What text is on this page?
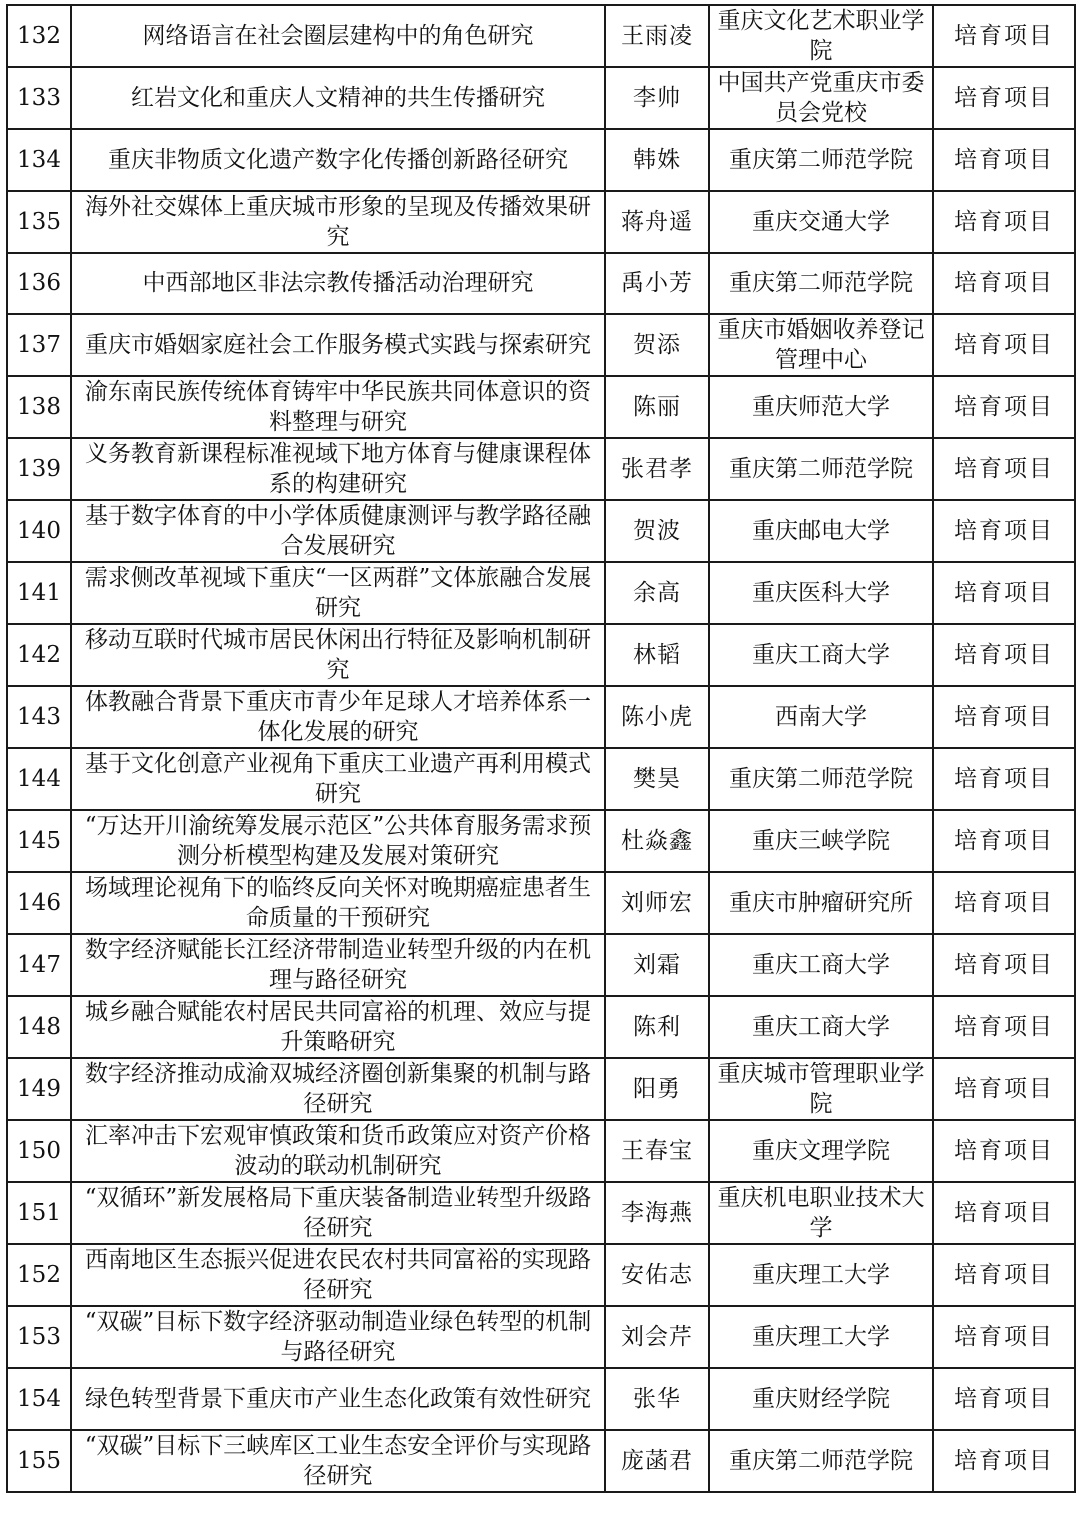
132	网络语言在社会圈层建构中的角色研究	王雨凌	重庆文化艺术职业学院	培育项目
133	红岩文化和重庆人文精神的共生传播研究	李帅	中国共产党重庆市委员会党校	培育项目
134	重庆非物质文化遗产数字化传播创新路径研究	韩姝	重庆第二师范学院	培育项目
135	海外社交媒体上重庆城市形象的呈现及传播效果研究	蒋舟遥	重庆交通大学	培育项目
136	中西部地区非法宗教传播活动治理研究	禹小芳	重庆第二师范学院	培育项目
137	重庆市婚姻家庭社会工作服务模式实践与探索研究	贺添	重庆市婚姻收养登记管理中心	培育项目
138	渝东南民族传统体育铸牢中华民族共同体意识的资料整理与研究	陈丽	重庆师范大学	培育项目
139	义务教育新课程标准视域下地方体育与健康课程体系的构建研究	张君孝	重庆第二师范学院	培育项目
140	基于数字体育的中小学体质健康测评与教学路径融合发展研究	贺波	重庆邮电大学	培育项目
141	需求侧改革视域下重庆“一区两群”文体旅融合发展研究	余高	重庆医科大学	培育项目
142	移动互联时代城市居民休闲出行特征及影响机制研究	林韬	重庆工商大学	培育项目
143	体教融合背景下重庆市青少年足球人才培养体系一体化发展的研究	陈小虎	西南大学	培育项目
144	基于文化创意产业视角下重庆工业遗产再利用模式研究	樊昊	重庆第二师范学院	培育项目
145	“万达开川渝统筹发展示范区”公共体育服务需求预测分析模型构建及发展对策研究	杜焱鑫	重庆三峡学院	培育项目
146	场域理论视角下的临终反向关怀对晚期癌症患者生命质量的干预研究	刘师宏	重庆市肿瘤研究所	培育项目
147	数字经济赋能长江经济带制造业转型升级的内在机理与路径研究	刘霜	重庆工商大学	培育项目
148	城乡融合赋能农村居民共同富裕的机理、效应与提升策略研究	陈利	重庆工商大学	培育项目
149	数字经济推动成渝双城经济圈创新集聚的机制与路径研究	阳勇	重庆城市管理职业学院	培育项目
150	汇率冲击下宏观审慎政策和货币政策应对资产价格波动的联动机制研究	王春宝	重庆文理学院	培育项目
151	“双循环”新发展格局下重庆装备制造业转型升级路径研究	李海燕	重庆机电职业技术大学	培育项目
152	西南地区生态振兴促进农民农村共同富裕的实现路径研究	安佑志	重庆理工大学	培育项目
153	“双碳”目标下数字经济驱动制造业绿色转型的机制与路径研究	刘会芹	重庆理工大学	培育项目
154	绿色转型背景下重庆市产业生态化政策有效性研究	张华	重庆财经学院	培育项目
155	“双碳”目标下三峡库区工业生态安全评价与实现路径研究	庞菡君	重庆第二师范学院	培育项目
